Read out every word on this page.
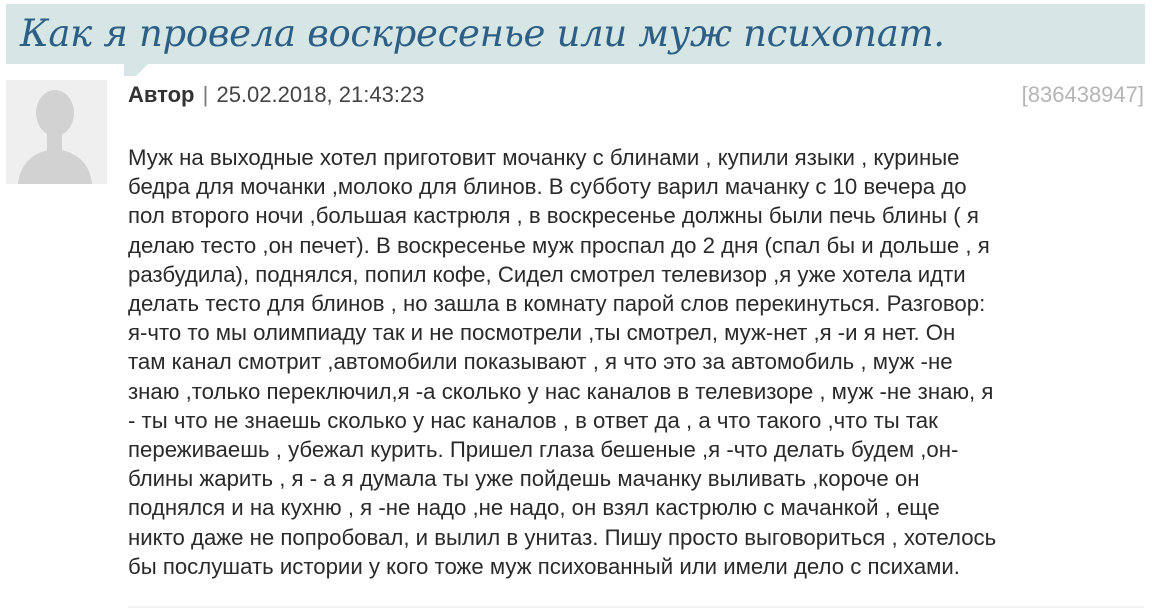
Как я провела воскресенье или муж психопат.
Автор | 25.02.2018, 21:43:23	[836438947]
Муж на выходные хотел приготовит мочанку с блинами , купили языки , куриные
бедра для мочанки ,молоко для блинов. В субботу варил мачанку с 10 вечера до
пол второго ночи ,большая кастрюля , в воскресенье должны были печь блины ( я
делаю тесто ,он печет). В воскресенье муж проспал до 2 дня (спал бы и дольше , я
разбудила), поднялся, попил кофе, Сидел смотрел телевизор ,я уже хотела идти
делать тесто для блинов , но зашла в комнату парой слов перекинуться. Разговор:
я-что то мы олимпиаду так и не посмотрели ,ты смотрел, муж-нет ,я -и я нет. Он
там канал смотрит ,автомобили показывают , я что это за автомобиль , муж -не
знаю ,только переключил,я -а сколько у нас каналов в телевизоре , муж -не знаю, я
- ты что не знаешь сколько у нас каналов , в ответ да , а что такого ,что ты так
переживаешь , убежал курить. Пришел глаза бешеные ,я -что делать будем ,он-
блины жарить , я - а я думала ты уже пойдешь мачанку выливать ,короче он
поднялся и на кухню , я -не надо ,не надо, он взял кастрюлю с мачанкой , еще
никто даже не попробовал, и вылил в унитаз. Пишу просто выговориться , хотелось
бы послушать истории у кого тоже муж психованный или имели дело с психами.
